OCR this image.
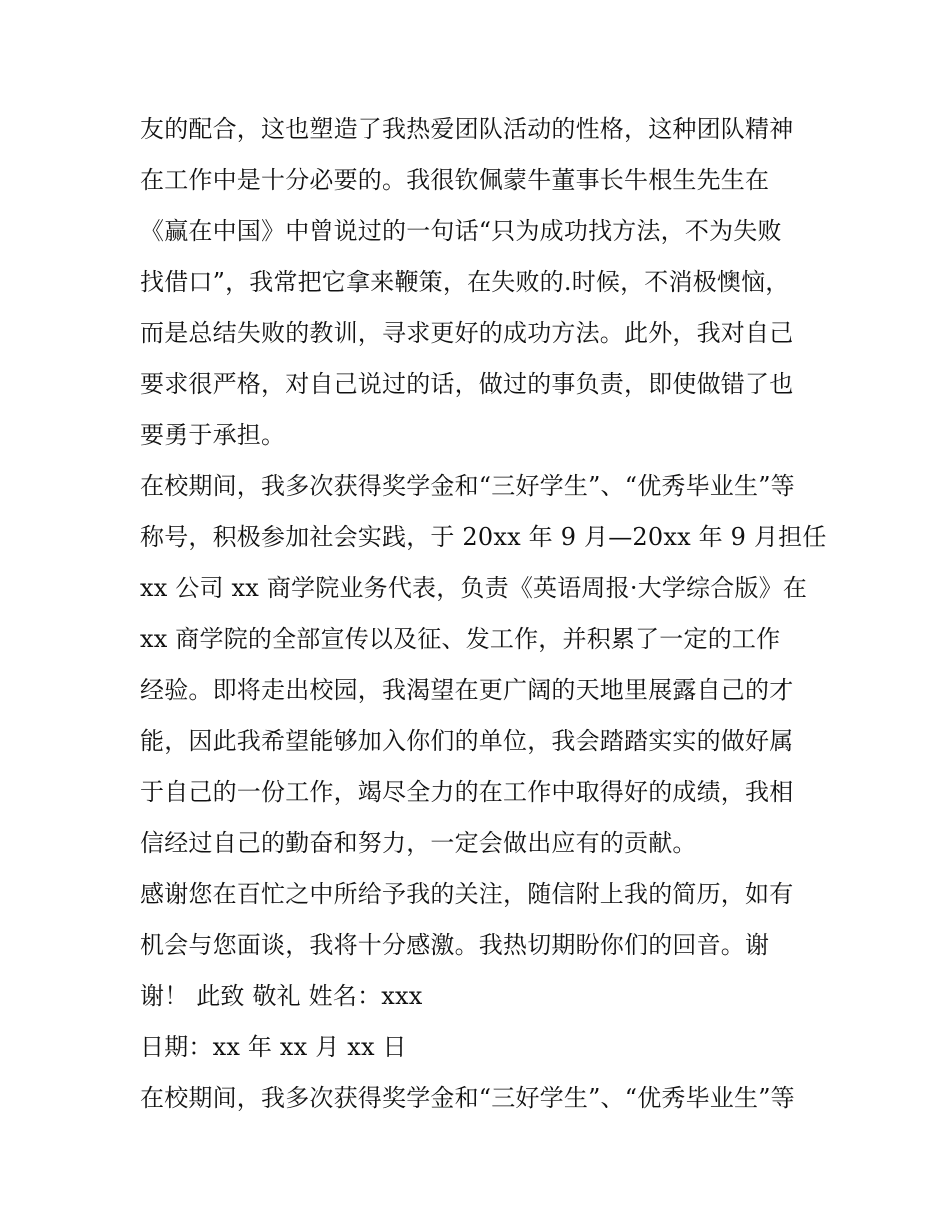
友的配合，这也塑造了我热爱团队活动的性格，这种团队精神
在工作中是十分必要的。我很钦佩蒙牛董事长牛根生先生在
《赢在中国》中曾说过的一句话“只为成功找方法，不为失败
找借口”，我常把它拿来鞭策，在失败的.时候，不消极懊恼，
而是总结失败的教训，寻求更好的成功方法。此外，我对自己
要求很严格，对自己说过的话，做过的事负责，即使做错了也
要勇于承担。
在校期间，我多次获得奖学金和“三好学生”、“优秀毕业生”等
称号，积极参加社会实践，于 20xx 年 9 月—20xx 年 9 月担任
xx 公司 xx 商学院业务代表，负责《英语周报·大学综合版》在
xx 商学院的全部宣传以及征、发工作，并积累了一定的工作
经验。即将走出校园，我渴望在更广阔的天地里展露自己的才
能，因此我希望能够加入你们的单位，我会踏踏实实的做好属
于自己的一份工作，竭尽全力的在工作中取得好的成绩，我相
信经过自己的勤奋和努力，一定会做出应有的贡献。
感谢您在百忙之中所给予我的关注，随信附上我的简历，如有
机会与您面谈，我将十分感激。我热切期盼你们的回音。谢
谢！ 此致 敬礼 姓名：xxx
日期：xx 年 xx 月 xx 日
在校期间，我多次获得奖学金和“三好学生”、“优秀毕业生”等
